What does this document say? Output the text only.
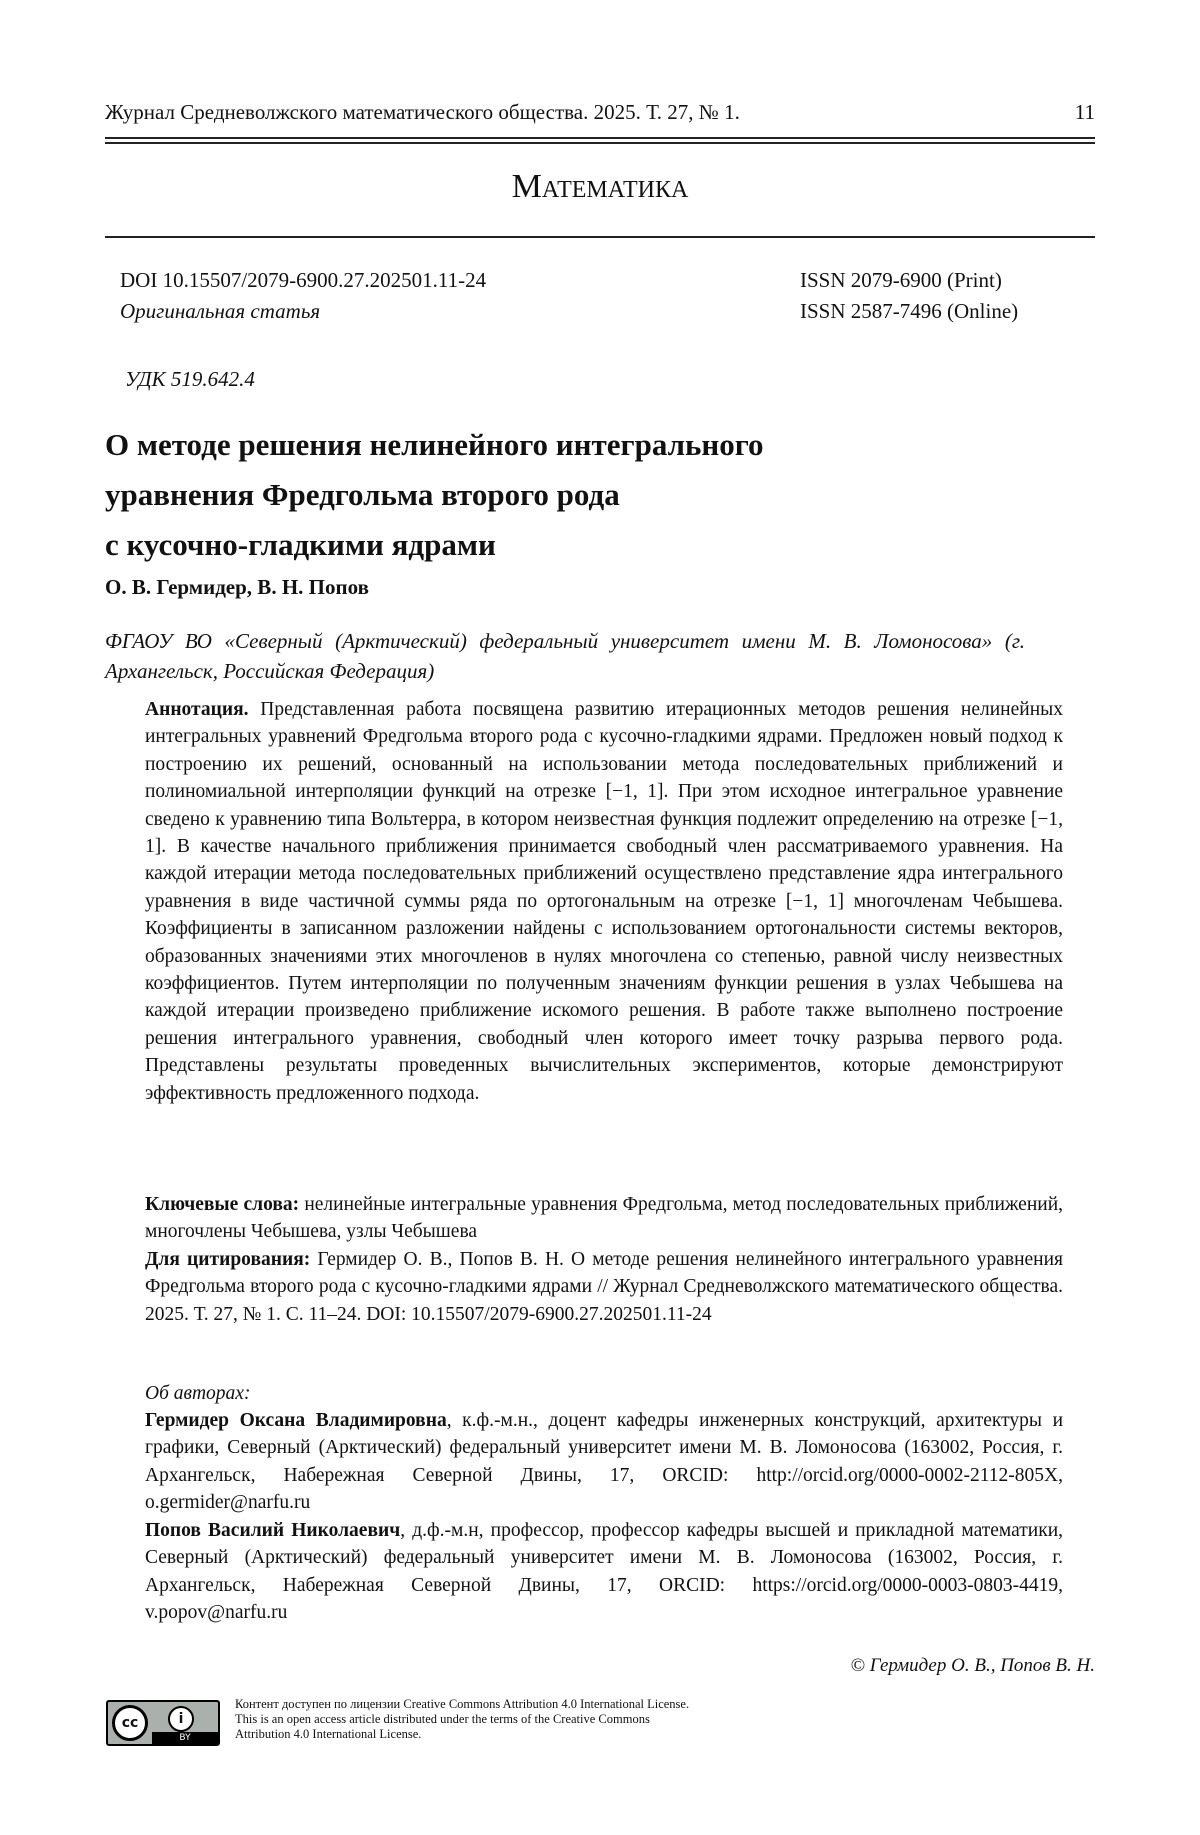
Журнал Средневолжского математического общества. 2025. Т. 27, № 1.	11
Математика
DOI 10.15507/2079-6900.27.202501.11-24
Оригинальная статья
ISSN 2079-6900 (Print)
ISSN 2587-7496 (Online)
УДК 519.642.4
О методе решения нелинейного интегрального
уравнения Фредгольма второго рода
с кусочно-гладкими ядрами
О. В. Гермидер, В. Н. Попов
ФГАОУ ВО «Северный (Арктический) федеральный университет имени М. В. Ломоносова» (г. Архангельск, Российская Федерация)
Аннотация. Представленная работа посвящена развитию итерационных методов решения нелинейных интегральных уравнений Фредгольма второго рода с кусочно-гладкими ядрами. Предложен новый подход к построению их решений, основанный на использовании метода последовательных приближений и полиномиальной интерполяции функций на отрезке [−1, 1]. При этом исходное интегральное уравнение сведено к уравнению типа Вольтерра, в котором неизвестная функция подлежит определению на отрезке [−1, 1]. В качестве начального приближения принимается свободный член рассматриваемого уравнения. На каждой итерации метода последовательных приближений осуществлено представление ядра интегрального уравнения в виде частичной суммы ряда по ортогональным на отрезке [−1, 1] многочленам Чебышева. Коэффициенты в записанном разложении найдены с использованием ортогональности системы векторов, образованных значениями этих многочленов в нулях многочлена со степенью, равной числу неизвестных коэффициентов. Путем интерполяции по полученным значениям функции решения в узлах Чебышева на каждой итерации произведено приближение искомого решения. В работе также выполнено построение решения интегрального уравнения, свободный член которого имеет точку разрыва первого рода. Представлены результаты проведенных вычислительных экспериментов, которые демонстрируют эффективность предложенного подхода.
Ключевые слова: нелинейные интегральные уравнения Фредгольма, метод последовательных приближений, многочлены Чебышева, узлы Чебышева
Для цитирования: Гермидер О. В., Попов В. Н. О методе решения нелинейного интегрального уравнения Фредгольма второго рода с кусочно-гладкими ядрами // Журнал Средневолжского математического общества. 2025. Т. 27, № 1. С. 11–24. DOI: 10.15507/2079-6900.27.202501.11-24
Об авторах:
Гермидер Оксана Владимировна, к.ф.-м.н., доцент кафедры инженерных конструкций, архитектуры и графики, Северный (Арктический) федеральный университет имени М. В. Ломоносова (163002, Россия, г. Архангельск, Набережная Северной Двины, 17, ORCID: http://orcid.org/0000-0002-2112-805X, o.germider@narfu.ru
Попов Василий Николаевич, д.ф.-м.н, профессор, профессор кафедры высшей и прикладной математики, Северный (Арктический) федеральный университет имени М. В. Ломоносова (163002, Россия, г. Архангельск, Набережная Северной Двины, 17, ORCID: https://orcid.org/0000-0003-0803-4419, v.popov@narfu.ru
© Гермидер О. В., Попов В. Н.
cc	i
BY
Контент доступен по лицензии Creative Commons Attribution 4.0 International License.
This is an open access article distributed under the terms of the Creative Commons
Attribution 4.0 International License.
